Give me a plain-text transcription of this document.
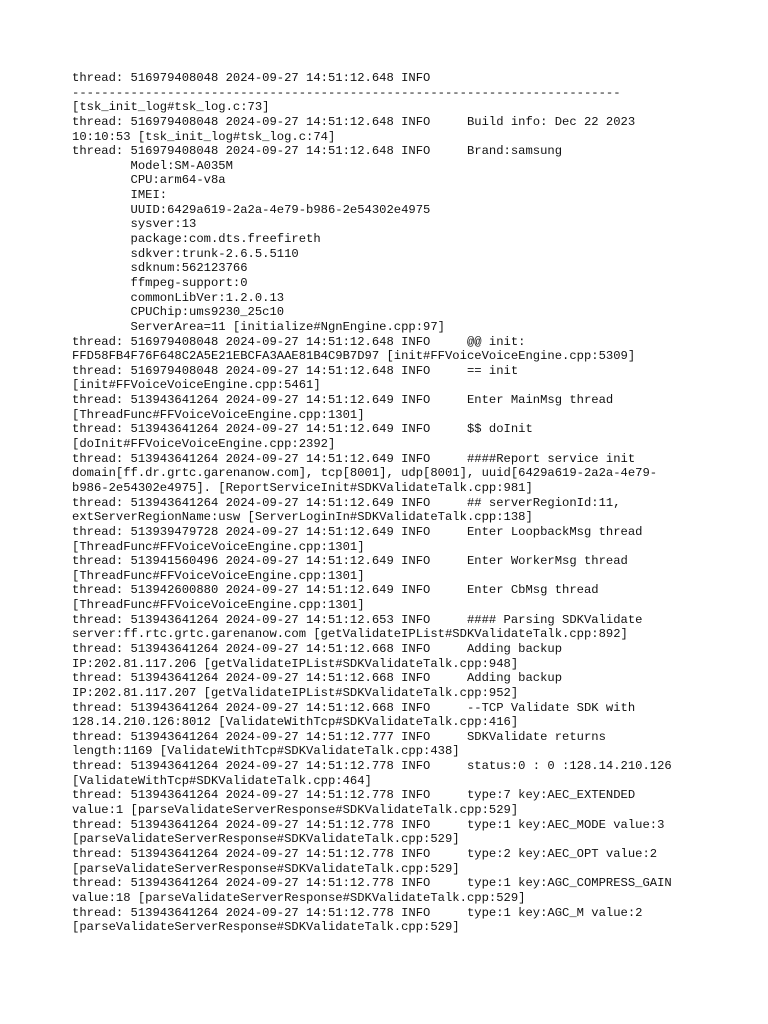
thread: 516979408048 2024-09-27 14:51:12.648 INFO
---------------------------------------------------------------------------
[tsk_init_log#tsk_log.c:73]
thread: 516979408048 2024-09-27 14:51:12.648 INFO     Build info: Dec 22 2023
10:10:53 [tsk_init_log#tsk_log.c:74]
thread: 516979408048 2024-09-27 14:51:12.648 INFO     Brand:samsung
Model:SM-A035M
CPU:arm64-v8a
IMEI:
UUID:6429a619-2a2a-4e79-b986-2e54302e4975
sysver:13
package:com.dts.freefireth
sdkver:trunk-2.6.5.5110
sdknum:562123766
ffmpeg-support:0
commonLibVer:1.2.0.13
CPUChip:ums9230_25c10
ServerArea=11 [initialize#NgnEngine.cpp:97]
thread: 516979408048 2024-09-27 14:51:12.648 INFO     @@ init:
FFD58FB4F76F648C2A5E21EBCFA3AAE81B4C9B7D97 [init#FFVoiceVoiceEngine.cpp:5309]
thread: 516979408048 2024-09-27 14:51:12.648 INFO     == init
[init#FFVoiceVoiceEngine.cpp:5461]
thread: 513943641264 2024-09-27 14:51:12.649 INFO     Enter MainMsg thread
[ThreadFunc#FFVoiceVoiceEngine.cpp:1301]
thread: 513943641264 2024-09-27 14:51:12.649 INFO     $$ doInit
[doInit#FFVoiceVoiceEngine.cpp:2392]
thread: 513943641264 2024-09-27 14:51:12.649 INFO     ####Report service init
domain[ff.dr.grtc.garenanow.com], tcp[8001], udp[8001], uuid[6429a619-2a2a-4e79-
b986-2e54302e4975]. [ReportServiceInit#SDKValidateTalk.cpp:981]
thread: 513943641264 2024-09-27 14:51:12.649 INFO     ## serverRegionId:11,
extServerRegionName:usw [ServerLoginIn#SDKValidateTalk.cpp:138]
thread: 513939479728 2024-09-27 14:51:12.649 INFO     Enter LoopbackMsg thread
[ThreadFunc#FFVoiceVoiceEngine.cpp:1301]
thread: 513941560496 2024-09-27 14:51:12.649 INFO     Enter WorkerMsg thread
[ThreadFunc#FFVoiceVoiceEngine.cpp:1301]
thread: 513942600880 2024-09-27 14:51:12.649 INFO     Enter CbMsg thread
[ThreadFunc#FFVoiceVoiceEngine.cpp:1301]
thread: 513943641264 2024-09-27 14:51:12.653 INFO     #### Parsing SDKValidate
server:ff.rtc.grtc.garenanow.com [getValidateIPList#SDKValidateTalk.cpp:892]
thread: 513943641264 2024-09-27 14:51:12.668 INFO     Adding backup
IP:202.81.117.206 [getValidateIPList#SDKValidateTalk.cpp:948]
thread: 513943641264 2024-09-27 14:51:12.668 INFO     Adding backup
IP:202.81.117.207 [getValidateIPList#SDKValidateTalk.cpp:952]
thread: 513943641264 2024-09-27 14:51:12.668 INFO     --TCP Validate SDK with
128.14.210.126:8012 [ValidateWithTcp#SDKValidateTalk.cpp:416]
thread: 513943641264 2024-09-27 14:51:12.777 INFO     SDKValidate returns
length:1169 [ValidateWithTcp#SDKValidateTalk.cpp:438]
thread: 513943641264 2024-09-27 14:51:12.778 INFO     status:0 : 0 :128.14.210.126
[ValidateWithTcp#SDKValidateTalk.cpp:464]
thread: 513943641264 2024-09-27 14:51:12.778 INFO     type:7 key:AEC_EXTENDED
value:1 [parseValidateServerResponse#SDKValidateTalk.cpp:529]
thread: 513943641264 2024-09-27 14:51:12.778 INFO     type:1 key:AEC_MODE value:3
[parseValidateServerResponse#SDKValidateTalk.cpp:529]
thread: 513943641264 2024-09-27 14:51:12.778 INFO     type:2 key:AEC_OPT value:2
[parseValidateServerResponse#SDKValidateTalk.cpp:529]
thread: 513943641264 2024-09-27 14:51:12.778 INFO     type:1 key:AGC_COMPRESS_GAIN
value:18 [parseValidateServerResponse#SDKValidateTalk.cpp:529]
thread: 513943641264 2024-09-27 14:51:12.778 INFO     type:1 key:AGC_M value:2
[parseValidateServerResponse#SDKValidateTalk.cpp:529]
